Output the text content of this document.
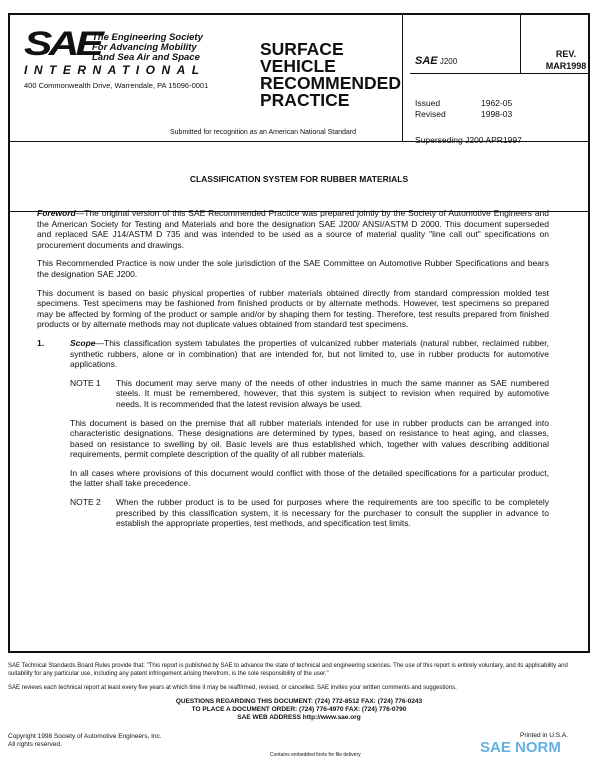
SAE
The Engineering Society
For Advancing Mobility
Land Sea Air and Space
INTERNATIONAL
400 Commonwealth Drive, Warrendale, PA 15096-0001
SURFACE
VEHICLE
RECOMMENDED
PRACTICE
Submitted for recognition as an American National Standard
SAE J200
REV.
MAR1998
Issued	1962-05
Revised	1998-03
Superseding J200 APR1997
CLASSIFICATION SYSTEM FOR RUBBER MATERIALS

Foreword—The original version of this SAE Recommended Practice was prepared jointly by the Society of Automotive Engineers and the American Society for Testing and Materials and bore the designation SAE J200/ ANSI/ASTM D 2000. This document superseded and replaced SAE J14/ASTM D 735 and was intended to be used as a source of material quality "line call out" specifications on procurement documents and drawings.

This Recommended Practice is now under the sole jurisdiction of the SAE Committee on Automotive Rubber Specifications and bears the designation SAE J200.

This document is based on basic physical properties of rubber materials obtained directly from standard compression molded test specimens. Test specimens may be fashioned from finished products or by alternate methods. However, test specimens so prepared may be affected by forming of the product or sample and/or by shaping them for testing. Therefore, test results prepared from finished products or by alternate methods may not duplicate values obtained from standard test specimens.

1.	Scope—This classification system tabulates the properties of vulcanized rubber materials (natural rubber, reclaimed rubber, synthetic rubbers, alone or in combination) that are intended for, but not limited to, use in rubber products for automotive applications.

NOTE 1	This document may serve many of the needs of other industries in much the same manner as SAE numbered steels. It must be remembered, however, that this system is subject to revision when required by automotive needs. It is recommended that the latest revision always be used.

This document is based on the premise that all rubber materials intended for use in rubber products can be arranged into characteristic designations. These designations are determined by types, based on resistance to heat aging, and classes, based on resistance to swelling by oil. Basic levels are thus established which, together with values describing additional requirements, permit complete description of the quality of all rubber materials.

In all cases where provisions of this document would conflict with those of the detailed specifications for a particular product, the latter shall take precedence.

NOTE 2	When the rubber product is to be used for purposes where the requirements are too specific to be completely prescribed by this classification system, it is necessary for the purchaser to consult the supplier in advance to establish the appropriate properties, test methods, and specification test limits.

SAE Technical Standards Board Rules provide that: "This report is published by SAE to advance the state of technical and engineering sciences. The use of this report is entirely voluntary, and its applicability and suitability for any particular use, including any patent infringement arising therefrom, is the sole responsibility of the user."

SAE reviews each technical report at least every five years at which time it may be reaffirmed, revised, or cancelled. SAE invites your written comments and suggestions.

QUESTIONS REGARDING THIS DOCUMENT: (724) 772-8512 FAX: (724) 776-0243
TO PLACE A DOCUMENT ORDER: (724) 776-4970 FAX: (724) 776-0790
SAE WEB ADDRESS http://www.sae.org
Copyright 1998 Society of Automotive Engineers, Inc.
All rights reserved.
Contains embedded fonts for file delivery	SAE NORM
Printed in U.S.A.
